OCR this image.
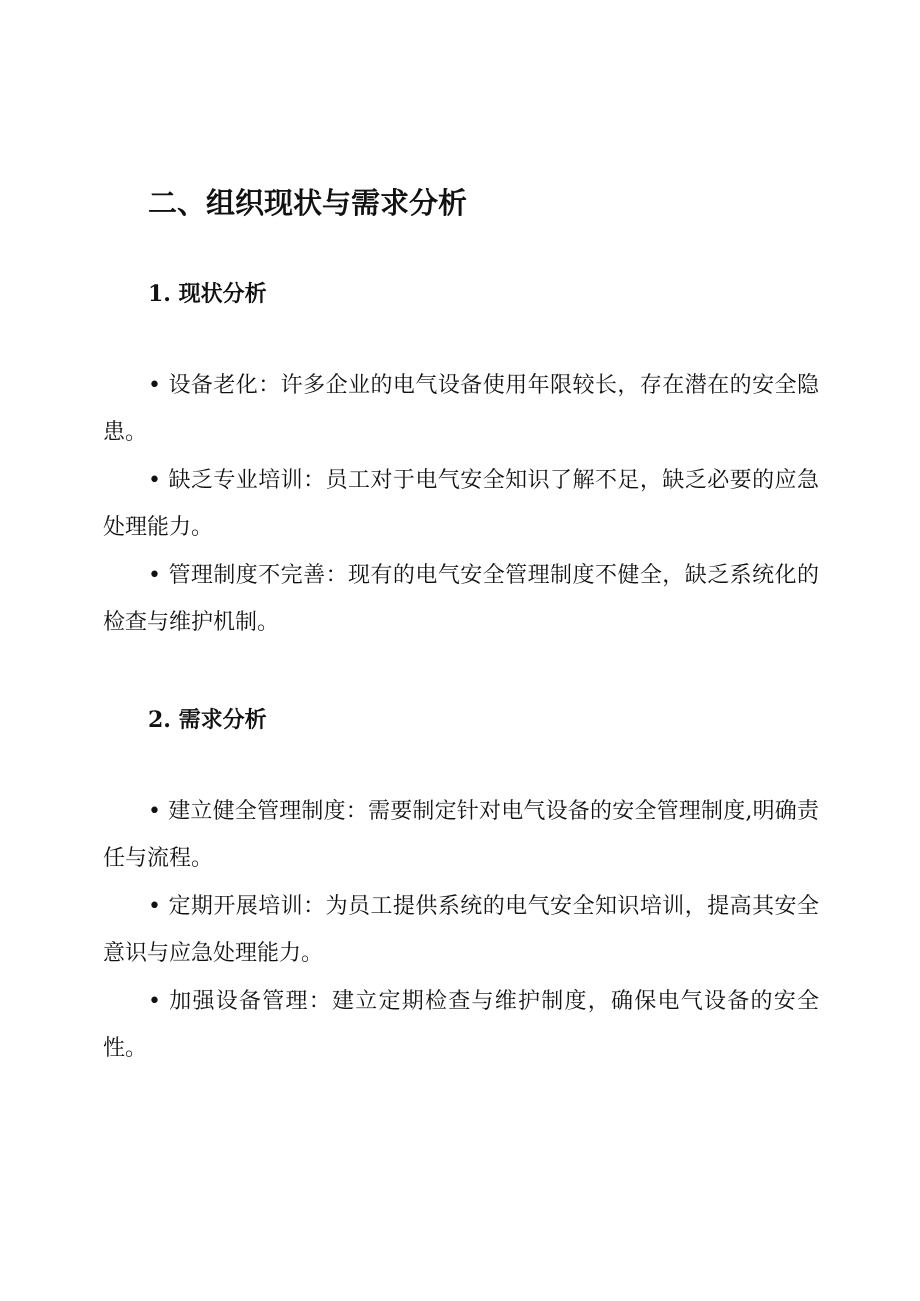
二、组织现状与需求分析
1. 现状分析

• 设备老化：许多企业的电气设备使用年限较长，存在潜在的安全隐患。

• 缺乏专业培训：员工对于电气安全知识了解不足，缺乏必要的应急处理能力。

• 管理制度不完善：现有的电气安全管理制度不健全，缺乏系统化的检查与维护机制。

2. 需求分析

• 建立健全管理制度：需要制定针对电气设备的安全管理制度,明确责任与流程。

• 定期开展培训：为员工提供系统的电气安全知识培训，提高其安全意识与应急处理能力。

• 加强设备管理：建立定期检查与维护制度，确保电气设备的安全性。
